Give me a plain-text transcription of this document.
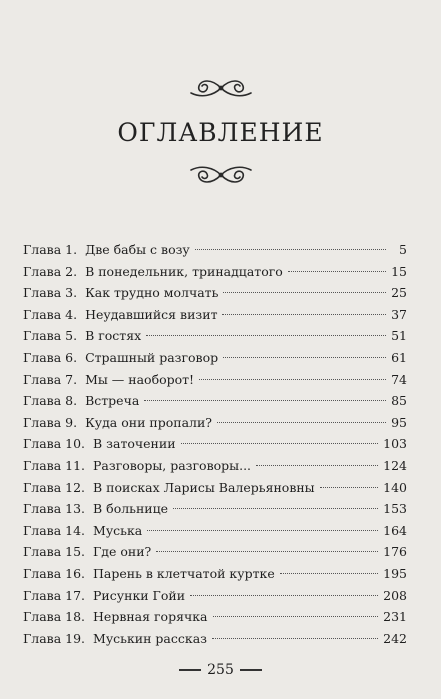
ОГЛАВЛЕНИЕ
Глава 1. Две бабы с возу	5
Глава 2. В понедельник, тринадцатого	15
Глава 3. Как трудно молчать	25
Глава 4. Неудавшийся визит	37
Глава 5. В гостях	51
Глава 6. Страшный разговор	61
Глава 7. Мы — наоборот!	74
Глава 8. Встреча	85
Глава 9. Куда они пропали?	95
Глава 10. В заточении	103
Глава 11. Разговоры, разговоры...	124
Глава 12. В поисках Ларисы Валерьяновны	140
Глава 13. В больнице	153
Глава 14. Муська	164
Глава 15. Где они?	176
Глава 16. Парень в клетчатой куртке	195
Глава 17. Рисунки Гойи	208
Глава 18. Нервная горячка	231
Глава 19. Муськин рассказ	242
255
